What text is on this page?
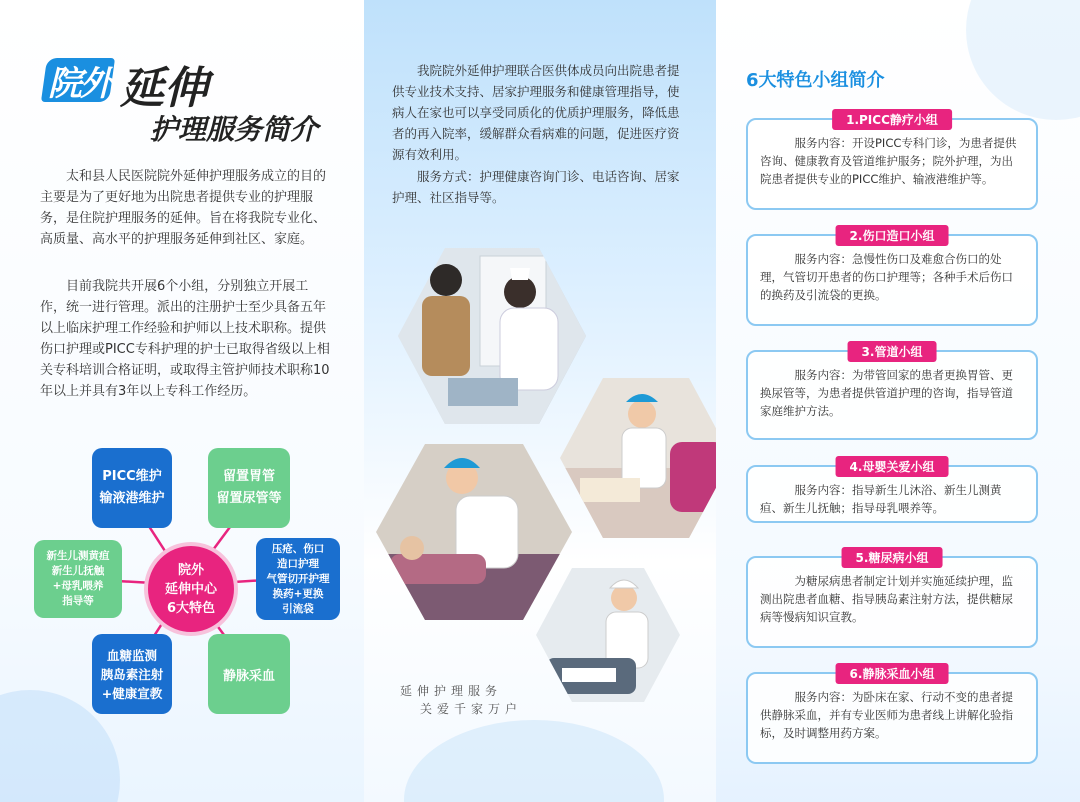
院外 延伸
护理服务简介

太和县人民医院院外延伸护理服务成立的目的主要是为了更好地为出院患者提供专业的护理服务，是住院护理服务的延伸。旨在将我院专业化、高质量、高水平的护理服务延伸到社区、家庭。

目前我院共开展6个小组，分别独立开展工作，统一进行管理。派出的注册护士至少具备五年以上临床护理工作经验和护师以上技术职称。提供伤口护理或PICC专科护理的护士已取得省级以上相关专科培训合格证明，或取得主管护师技术职称10年以上并具有3年以上专科工作经历。

PICC维护
输液港维护
留置胃管
留置尿管等
新生儿测黄疸
新生儿抚触
+母乳喂养
指导等
压疮、伤口
造口护理
气管切开护理
换药+更换
引流袋
血糖监测
胰岛素注射
+健康宣教
静脉采血
院外
延伸中心
6大特色

我院院外延伸护理联合医供体成员向出院患者提供专业技术支持、居家护理服务和健康管理指导，使病人在家也可以享受同质化的优质护理服务，降低患者的再入院率，缓解群众看病难的问题，促进医疗资源有效利用。

服务方式：护理健康咨询门诊、电话咨询、居家护理、社区指导等。

延伸护理服务
关爱千家万户
6大特色小组简介
1.PICC静疗小组

服务内容：开设PICC专科门诊，为患者提供咨询、健康教育及管道维护服务；院外护理，为出院患者提供专业的PICC维护、输液港维护等。

2.伤口造口小组

服务内容：急慢性伤口及难愈合伤口的处理，气管切开患者的伤口护理等；各种手术后伤口的换药及引流袋的更换。

3.管道小组

服务内容：为带管回家的患者更换胃管、更换尿管等，为患者提供管道护理的咨询，指导管道家庭维护方法。

4.母婴关爱小组

服务内容：指导新生儿沐浴、新生儿测黄疸、新生儿抚触；指导母乳喂养等。

5.糖尿病小组

为糖尿病患者制定计划并实施延续护理，监测出院患者血糖、指导胰岛素注射方法，提供糖尿病等慢病知识宣教。

6.静脉采血小组

服务内容：为卧床在家、行动不变的患者提供静脉采血，并有专业医师为患者线上讲解化验指标，及时调整用药方案。
